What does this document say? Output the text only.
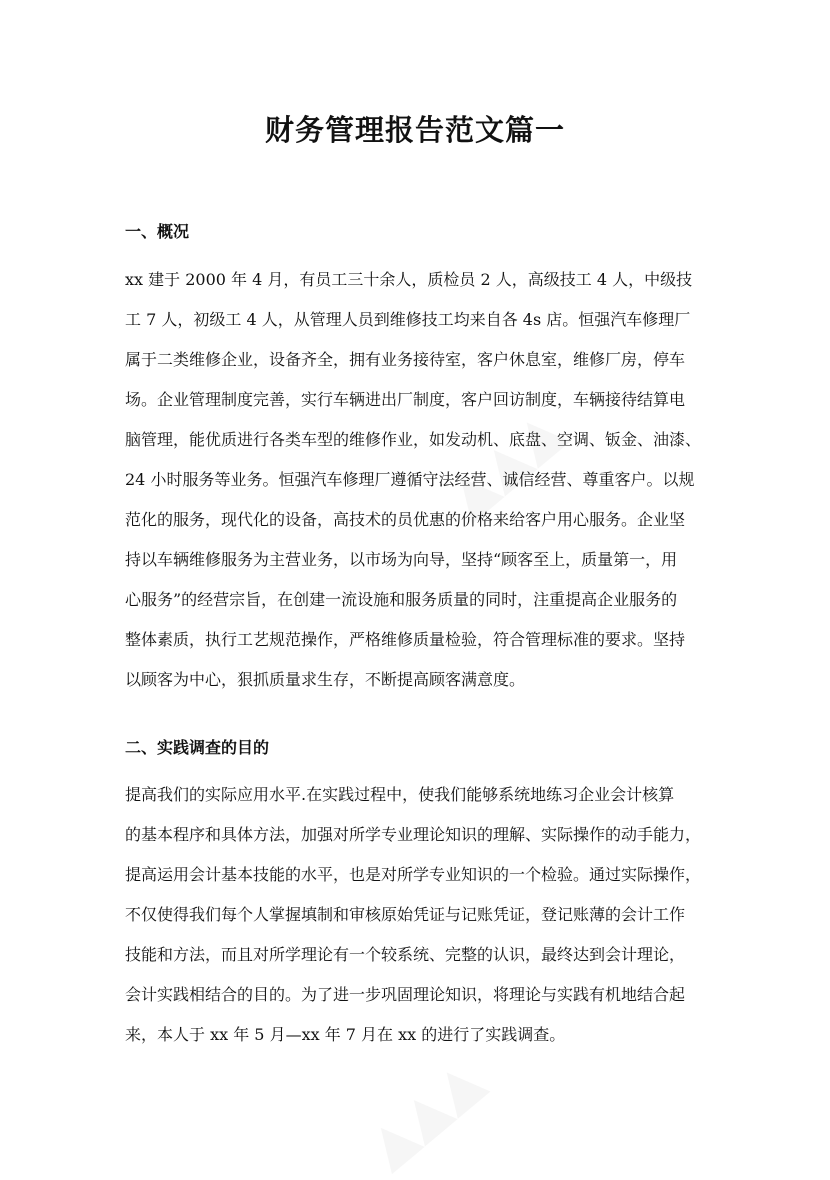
财务管理报告范文篇一
一、概况

xx 建于 2000 年 4 月，有员工三十余人，质检员 2 人，高级技工 4 人，中级技
工 7 人，初级工 4 人，从管理人员到维修技工均来自各 4s 店。恒强汽车修理厂
属于二类维修企业，设备齐全，拥有业务接待室，客户休息室，维修厂房，停车
场。企业管理制度完善，实行车辆进出厂制度，客户回访制度，车辆接待结算电
脑管理，能优质进行各类车型的维修作业，如发动机、底盘、空调、钣金、油漆、
24 小时服务等业务。恒强汽车修理厂遵循守法经营、诚信经营、尊重客户。以规
范化的服务，现代化的设备，高技术的员优惠的价格来给客户用心服务。企业坚
持以车辆维修服务为主营业务，以市场为向导，坚持“顾客至上，质量第一，用
心服务”的经营宗旨，在创建一流设施和服务质量的同时，注重提高企业服务的
整体素质，执行工艺规范操作，严格维修质量检验，符合管理标准的要求。坚持
以顾客为中心，狠抓质量求生存，不断提高顾客满意度。

二、实践调查的目的

提高我们的实际应用水平.在实践过程中，使我们能够系统地练习企业会计核算
的基本程序和具体方法，加强对所学专业理论知识的理解、实际操作的动手能力，
提高运用会计基本技能的水平，也是对所学专业知识的一个检验。通过实际操作，
不仅使得我们每个人掌握填制和审核原始凭证与记账凭证，登记账薄的会计工作
技能和方法，而且对所学理论有一个较系统、完整的认识，最终达到会计理论，
会计实践相结合的目的。为了进一步巩固理论知识，将理论与实践有机地结合起
来，本人于 xx 年 5 月—xx 年 7 月在 xx 的进行了实践调查。
